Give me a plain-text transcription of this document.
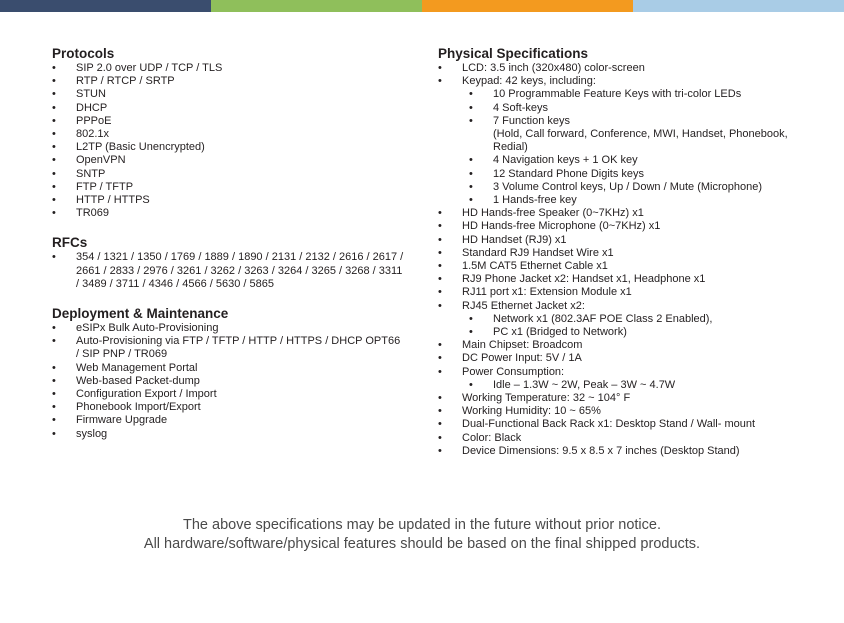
Protocols
• SIP 2.0 over UDP / TCP / TLS
• RTP / RTCP / SRTP
• STUN
• DHCP
• PPPoE
• 802.1x
• L2TP (Basic Unencrypted)
• OpenVPN
• SNTP
• FTP / TFTP
• HTTP / HTTPS
• TR069
RFCs
• 354 / 1321 / 1350 / 1769 / 1889 / 1890 / 2131 / 2132 / 2616 / 2617 /
2661 / 2833 / 2976 / 3261 / 3262 / 3263 / 3264 / 3265 / 3268 / 3311
/ 3489 / 3711 / 4346 / 4566 / 5630 / 5865
Deployment & Maintenance
• eSIPx Bulk Auto-Provisioning
• Auto-Provisioning via FTP / TFTP / HTTP / HTTPS / DHCP OPT66
/ SIP PNP / TR069
• Web Management Portal
• Web-based Packet-dump
• Configuration Export / Import
• Phonebook Import/Export
• Firmware Upgrade
• syslog
Physical Specifications
• LCD: 3.5 inch (320x480) color-screen
• Keypad: 42 keys, including:
• 10 Programmable Feature Keys with tri-color LEDs
• 4 Soft-keys
• 7 Function keys
(Hold, Call forward, Conference, MWI, Handset, Phonebook,
Redial)
• 4 Navigation keys + 1 OK key
• 12 Standard Phone Digits keys
• 3 Volume Control keys, Up / Down / Mute (Microphone)
• 1 Hands-free key
• HD Hands-free Speaker (0~7KHz) x1
• HD Hands-free Microphone (0~7KHz) x1
• HD Handset (RJ9) x1
• Standard RJ9 Handset Wire x1
• 1.5M CAT5 Ethernet Cable x1
• RJ9 Phone Jacket x2: Handset x1, Headphone x1
• RJ11 port x1: Extension Module x1
• RJ45 Ethernet Jacket x2:
• Network x1 (802.3AF POE Class 2 Enabled),
• PC x1 (Bridged to Network)
• Main Chipset: Broadcom
• DC Power Input: 5V / 1A
• Power Consumption:
• Idle – 1.3W ~ 2W, Peak – 3W ~ 4.7W
• Working Temperature: 32 ~ 104° F
• Working Humidity: 10 ~ 65%
• Dual-Functional Back Rack x1: Desktop Stand / Wall- mount
• Color: Black
• Device Dimensions: 9.5 x 8.5 x 7 inches (Desktop Stand)
The above specifications may be updated in the future without prior notice.
All hardware/software/physical features should be based on the final shipped products.
